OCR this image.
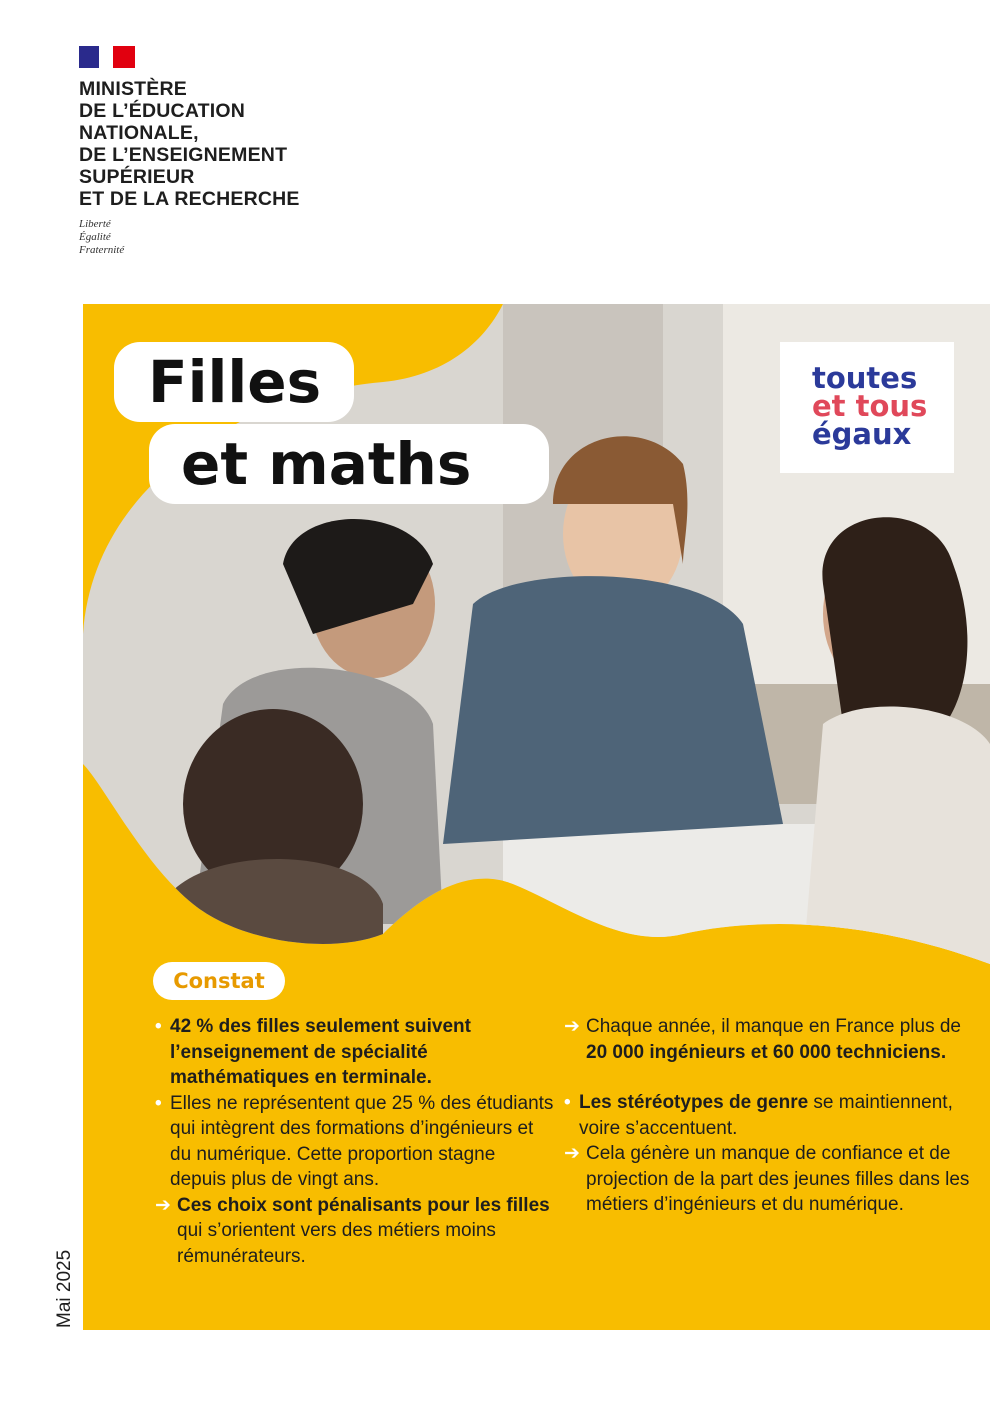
MINISTÈRE
DE L’ÉDUCATION
NATIONALE,
DE L’ENSEIGNEMENT
SUPÉRIEUR
ET DE LA RECHERCHE
Liberté
Égalité
Fraternité
Filles
et maths
toutes
et tous
égaux
Constat

• 42 % des filles seulement suivent l’enseignement de spécialité mathématiques en terminale.

• Elles ne représentent que 25 % des étudiants qui intègrent des formations d’ingénieurs et du numérique. Cette proportion stagne depuis plus de vingt ans.

➔ Ces choix sont pénalisants pour les filles qui s’orientent vers des métiers moins rémunérateurs.

➔ Chaque année, il manque en France plus de 20 000 ingénieurs et 60 000 techniciens.

• Les stéréotypes de genre se maintiennent, voire s’accentuent.

➔ Cela génère un manque de confiance et de projection de la part des jeunes filles dans les métiers d’ingénieurs et du numérique.

Mai 2025
